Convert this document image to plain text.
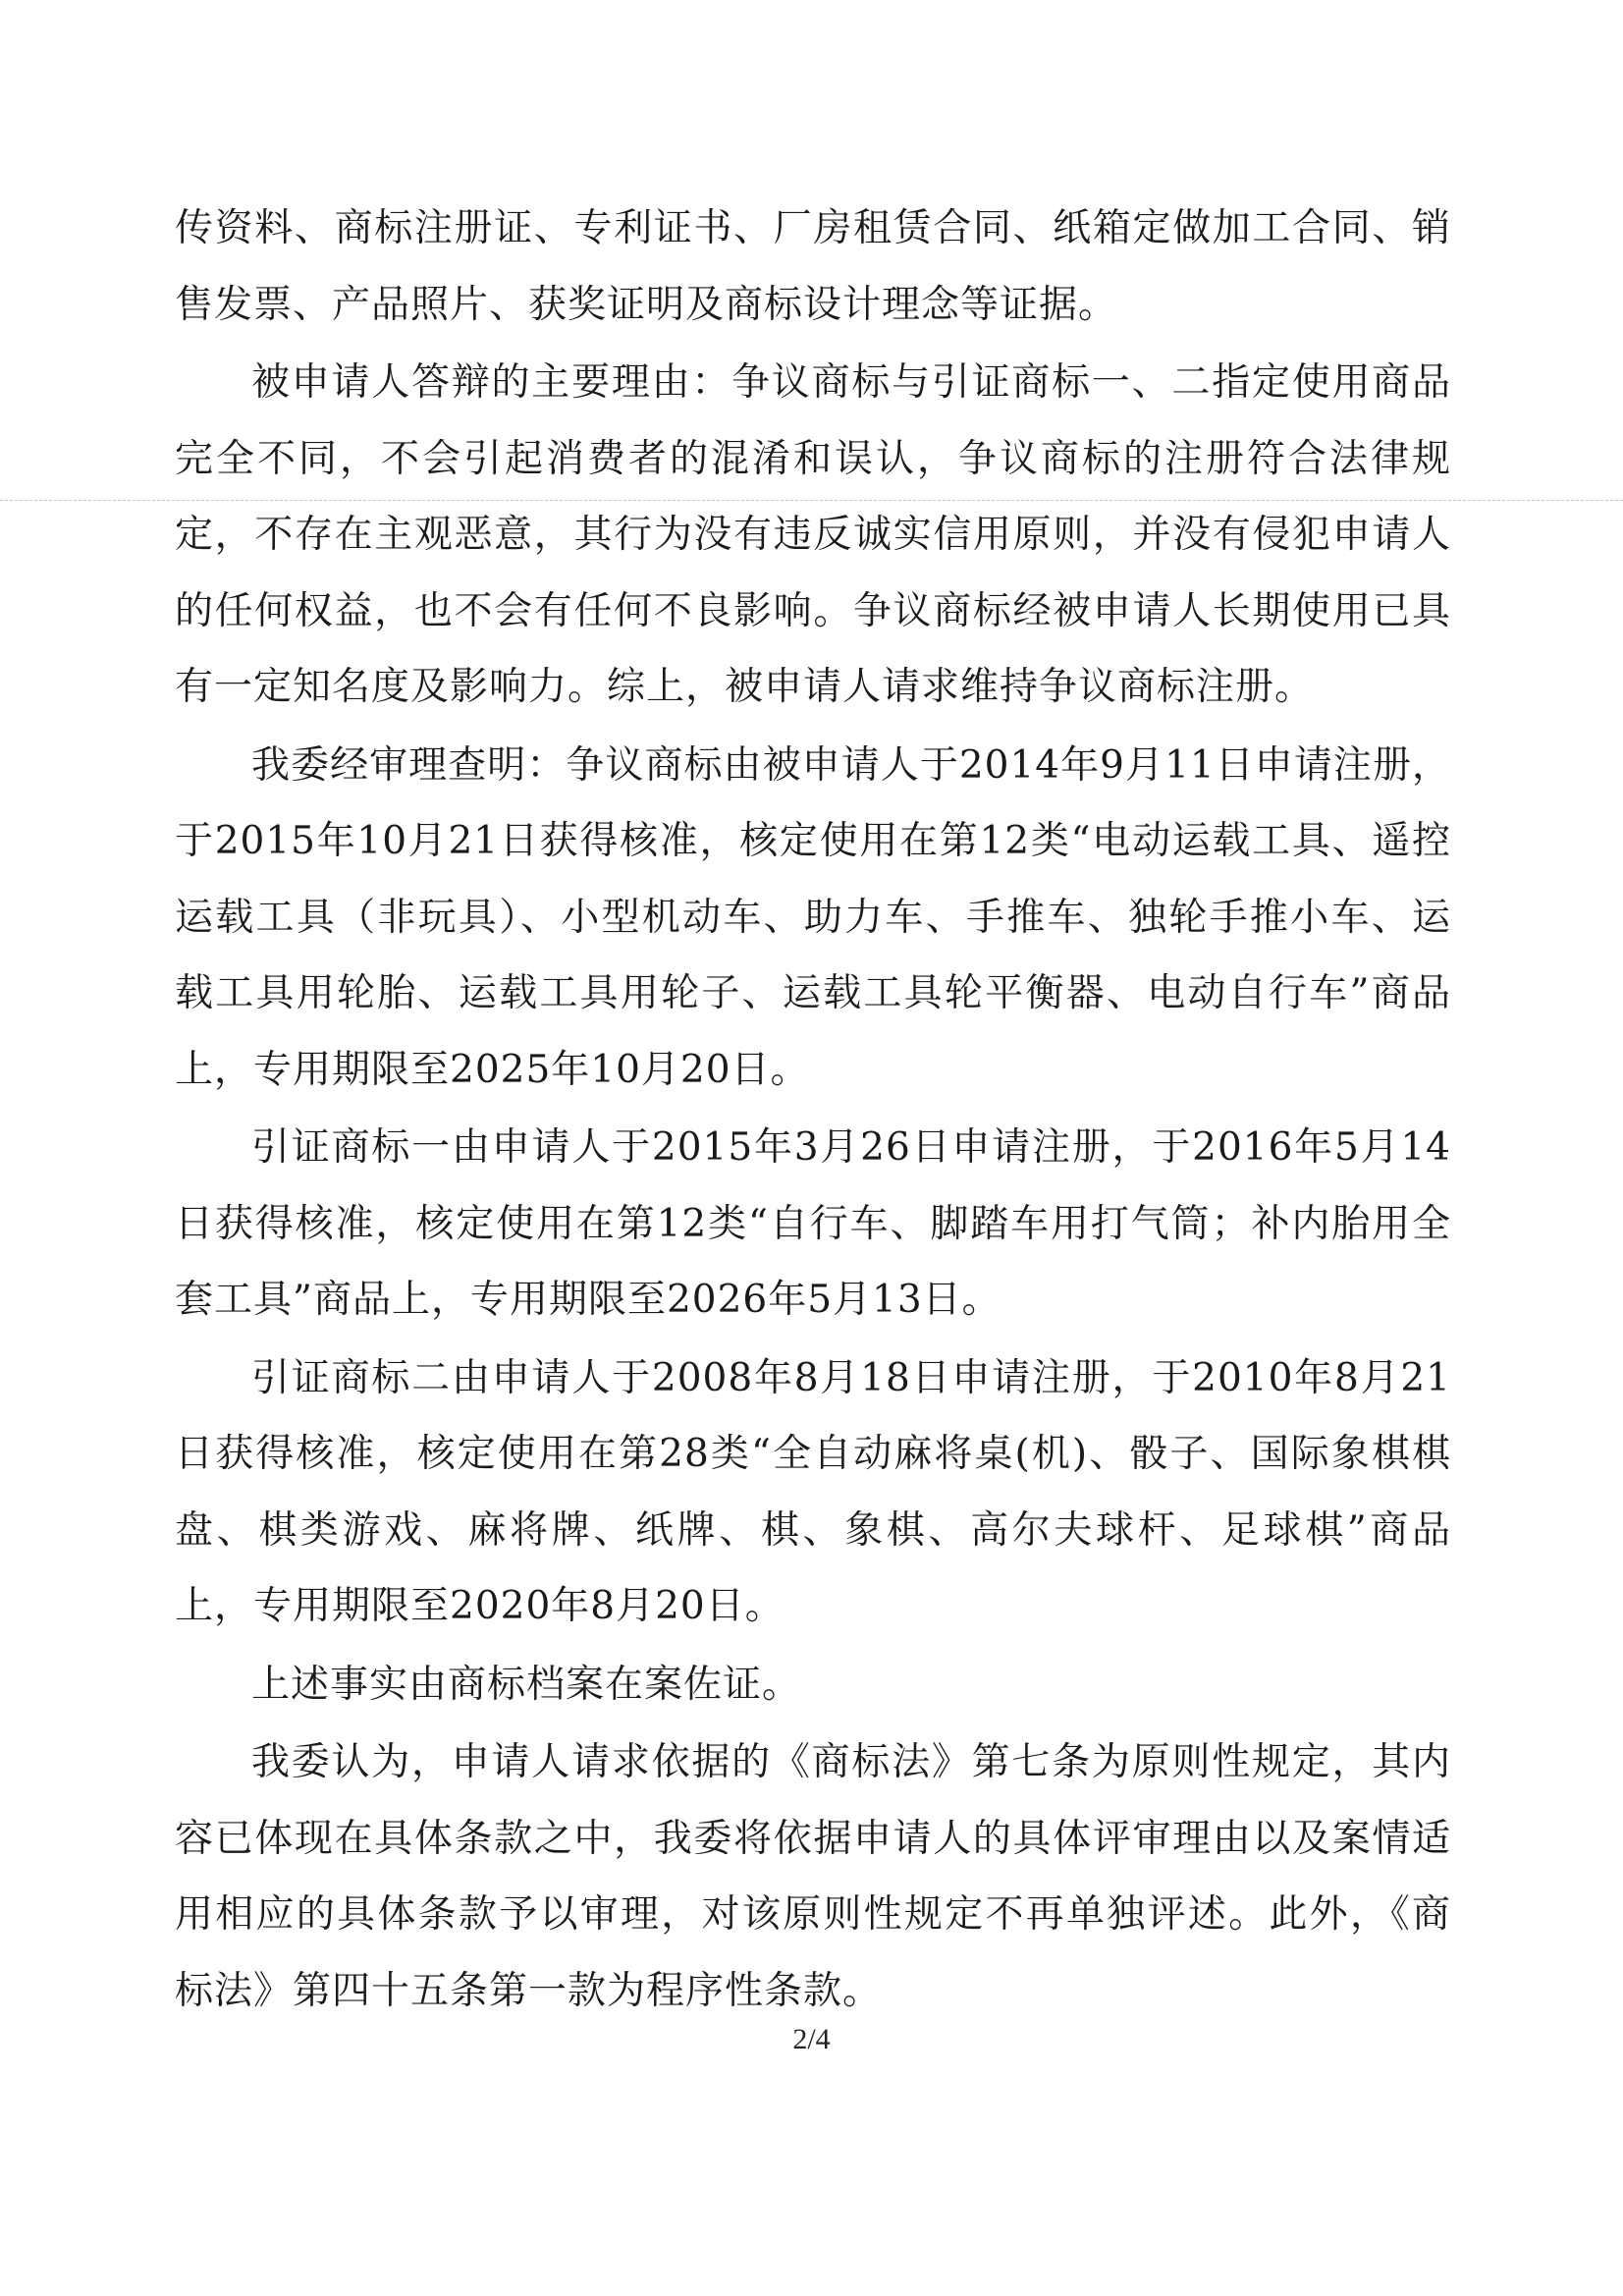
传资料、商标注册证、专利证书、厂房租赁合同、纸箱定做加工合同、销售发票、产品照片、获奖证明及商标设计理念等证据。

被申请人答辩的主要理由：争议商标与引证商标一、二指定使用商品完全不同，不会引起消费者的混淆和误认，争议商标的注册符合法律规定，不存在主观恶意，其行为没有违反诚实信用原则，并没有侵犯申请人的任何权益，也不会有任何不良影响。争议商标经被申请人长期使用已具有一定知名度及影响力。综上，被申请人请求维持争议商标注册。

我委经审理查明：争议商标由被申请人于2014年9月11日申请注册，于2015年10月21日获得核准，核定使用在第12类“电动运载工具、遥控运载工具（非玩具）、小型机动车、助力车、手推车、独轮手推小车、运载工具用轮胎、运载工具用轮子、运载工具轮平衡器、电动自行车”商品上，专用期限至2025年10月20日。

引证商标一由申请人于2015年3月26日申请注册，于2016年5月14日获得核准，核定使用在第12类“自行车、脚踏车用打气筒；补内胎用全套工具”商品上，专用期限至2026年5月13日。

引证商标二由申请人于2008年8月18日申请注册，于2010年8月21日获得核准，核定使用在第28类“全自动麻将桌(机)、骰子、国际象棋棋盘、棋类游戏、麻将牌、纸牌、棋、象棋、高尔夫球杆、足球棋”商品上，专用期限至2020年8月20日。

上述事实由商标档案在案佐证。

我委认为，申请人请求依据的《商标法》第七条为原则性规定，其内容已体现在具体条款之中，我委将依据申请人的具体评审理由以及案情适用相应的具体条款予以审理，对该原则性规定不再单独评述。此外，《商标法》第四十五条第一款为程序性条款。

2/4
